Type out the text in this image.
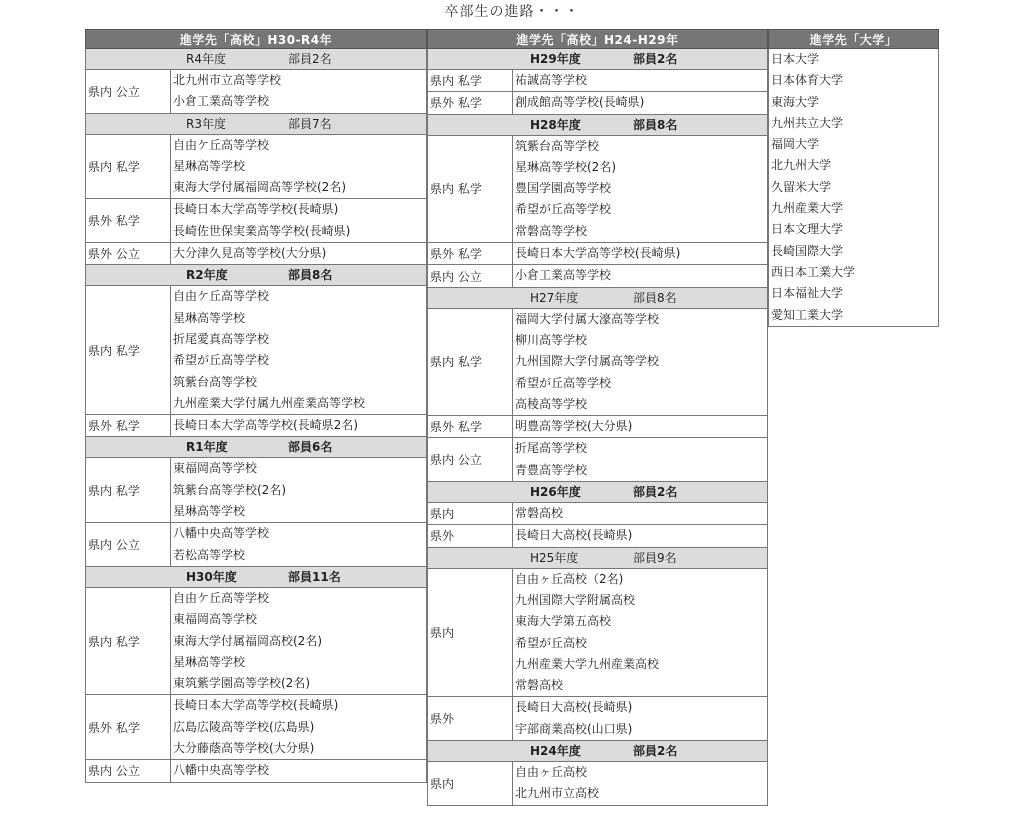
卒部生の進路・・・
進学先「高校」H30-R4年
R4年度	部員2名
県内 公立
北九州市立高等学校
小倉工業高等学校
R3年度	部員7名
県内 私学
自由ケ丘高等学校
星琳高等学校
東海大学付属福岡高等学校(2名)
県外 私学
長崎日本大学高等学校(長崎県)
長崎佐世保実業高等学校(長崎県)
県外 公立	大分津久見高等学校(大分県)
R2年度	部員8名
県内 私学
自由ケ丘高等学校
星琳高等学校
折尾愛真高等学校
希望が丘高等学校
筑紫台高等学校
九州産業大学付属九州産業高等学校
県外 私学	長崎日本大学高等学校(長崎県2名)
R1年度	部員6名
県内 私学
東福岡高等学校
筑紫台高等学校(2名)
星琳高等学校
県内 公立
八幡中央高等学校
若松高等学校
H30年度	部員11名
県内 私学
自由ケ丘高等学校
東福岡高等学校
東海大学付属福岡高校(2名)
星琳高等学校
東筑紫学園高等学校(2名)
県外 私学
長崎日本大学高等学校(長崎県)
広島広陵高等学校(広島県)
大分藤蔭高等学校(大分県)
県内 公立	八幡中央高等学校
進学先「高校」H24-H29年
H29年度	部員2名
県内 私学	祐誠高等学校
県外 私学	創成館高等学校(長崎県)
H28年度	部員8名
県内 私学
筑紫台高等学校
星琳高等学校(2名)
豊国学園高等学校
希望が丘高等学校
常磐高等学校
県外 私学	長崎日本大学高等学校(長崎県)
県内 公立	小倉工業高等学校
H27年度	部員8名
県内 私学
福岡大学付属大濠高等学校
柳川高等学校
九州国際大学付属高等学校
希望が丘高等学校
高稜高等学校
県外 私学	明豊高等学校(大分県)
県内 公立
折尾高等学校
青豊高等学校
H26年度	部員2名
県内	常磐高校
県外	長崎日大高校(長崎県)
H25年度	部員9名
県内
自由ヶ丘高校（2名)
九州国際大学附属高校
東海大学第五高校
希望が丘高校
九州産業大学九州産業高校
常磐高校
県外
長崎日大高校(長崎県)
宇部商業高校(山口県)
H24年度	部員2名
県内
自由ヶ丘高校
北九州市立高校
進学先「大学」
日本大学
日本体育大学
東海大学
九州共立大学
福岡大学
北九州大学
久留米大学
九州産業大学
日本文理大学
長崎国際大学
西日本工業大学
日本福祉大学
愛知工業大学
